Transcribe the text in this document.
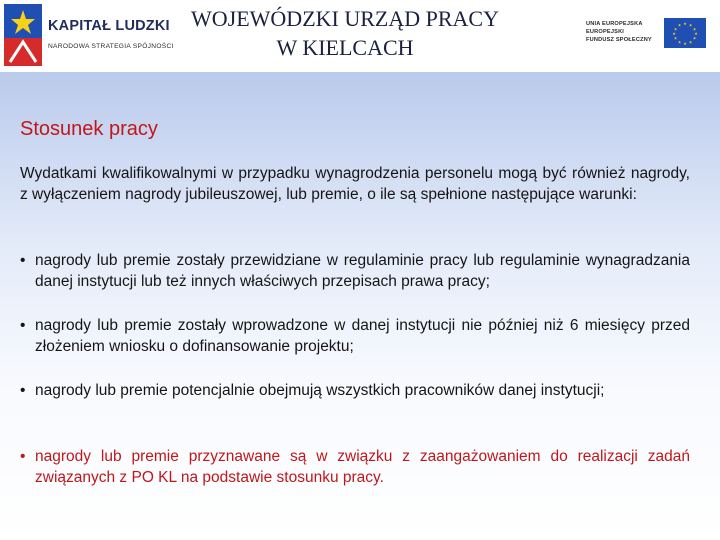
KAPITAŁ LUDZKI
NARODOWA STRATEGIA SPÓJNOŚCI
WOJEWÓDZKI URZĄD PRACY
W KIELCACH
UNIA EUROPEJSKA
EUROPEJSKI
FUNDUSZ SPOŁECZNY
★ ★
★
★
★
★
★
★
★
★
★
★
Stosunek pracy

Wydatkami kwalifikowalnymi w przypadku wynagrodzenia personelu mogą być również nagrody, z wyłączeniem nagrody jubileuszowej, lub premie, o ile są spełnione następujące warunki:

• nagrody lub premie zostały przewidziane w regulaminie pracy lub regulaminie wynagradzania danej instytucji lub też innych właściwych przepisach prawa pracy;
• nagrody lub premie zostały wprowadzone w danej instytucji nie później niż 6 miesięcy przed złożeniem wniosku o dofinansowanie projektu;
• nagrody lub premie potencjalnie obejmują wszystkich pracowników danej instytucji;
• nagrody lub premie przyznawane są w związku z zaangażowaniem do realizacji zadań związanych z PO KL na podstawie stosunku pracy.
